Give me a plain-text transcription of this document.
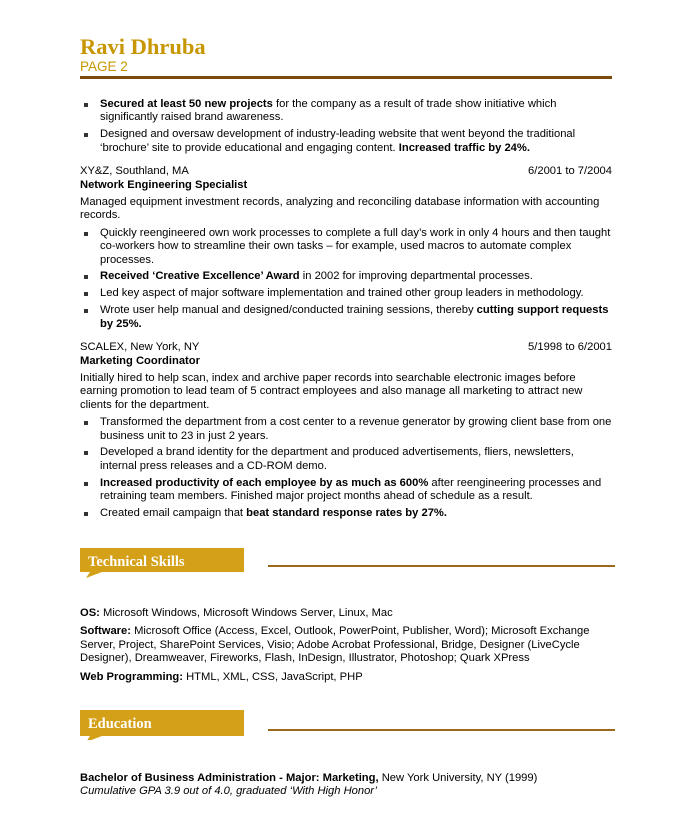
Ravi Dhruba
PAGE 2
Secured at least 50 new projects for the company as a result of trade show initiative which significantly raised brand awareness.
Designed and oversaw development of industry-leading website that went beyond the traditional ‘brochure’ site to provide educational and engaging content. Increased traffic by 24%.
XY&Z, Southland, MA	6/2001 to 7/2004
Network Engineering Specialist
Managed equipment investment records, analyzing and reconciling database information with accounting records.
Quickly reengineered own work processes to complete a full day’s work in only 4 hours and then taught co-workers how to streamline their own tasks – for example, used macros to automate complex processes.
Received ‘Creative Excellence’ Award in 2002 for improving departmental processes.
Led key aspect of major software implementation and trained other group leaders in methodology.
Wrote user help manual and designed/conducted training sessions, thereby cutting support requests by 25%.
SCALEX, New York, NY	5/1998 to 6/2001
Marketing Coordinator
Initially hired to help scan, index and archive paper records into searchable electronic images before earning promotion to lead team of 5 contract employees and also manage all marketing to attract new clients for the department.
Transformed the department from a cost center to a revenue generator by growing client base from one business unit to 23 in just 2 years.
Developed a brand identity for the department and produced advertisements, fliers, newsletters, internal press releases and a CD-ROM demo.
Increased productivity of each employee by as much as 600% after reengineering processes and retraining team members. Finished major project months ahead of schedule as a result.
Created email campaign that beat standard response rates by 27%.
Technical Skills

OS: Microsoft Windows, Microsoft Windows Server, Linux, Mac

Software: Microsoft Office (Access, Excel, Outlook, PowerPoint, Publisher, Word); Microsoft Exchange Server, Project, SharePoint Services, Visio; Adobe Acrobat Professional, Bridge, Designer (LiveCycle Designer), Dreamweaver, Fireworks, Flash, InDesign, Illustrator, Photoshop; Quark XPress

Web Programming: HTML, XML, CSS, JavaScript, PHP

Education
Bachelor of Business Administration - Major: Marketing, New York University, NY (1999)
Cumulative GPA 3.9 out of 4.0, graduated ‘With High Honor’
